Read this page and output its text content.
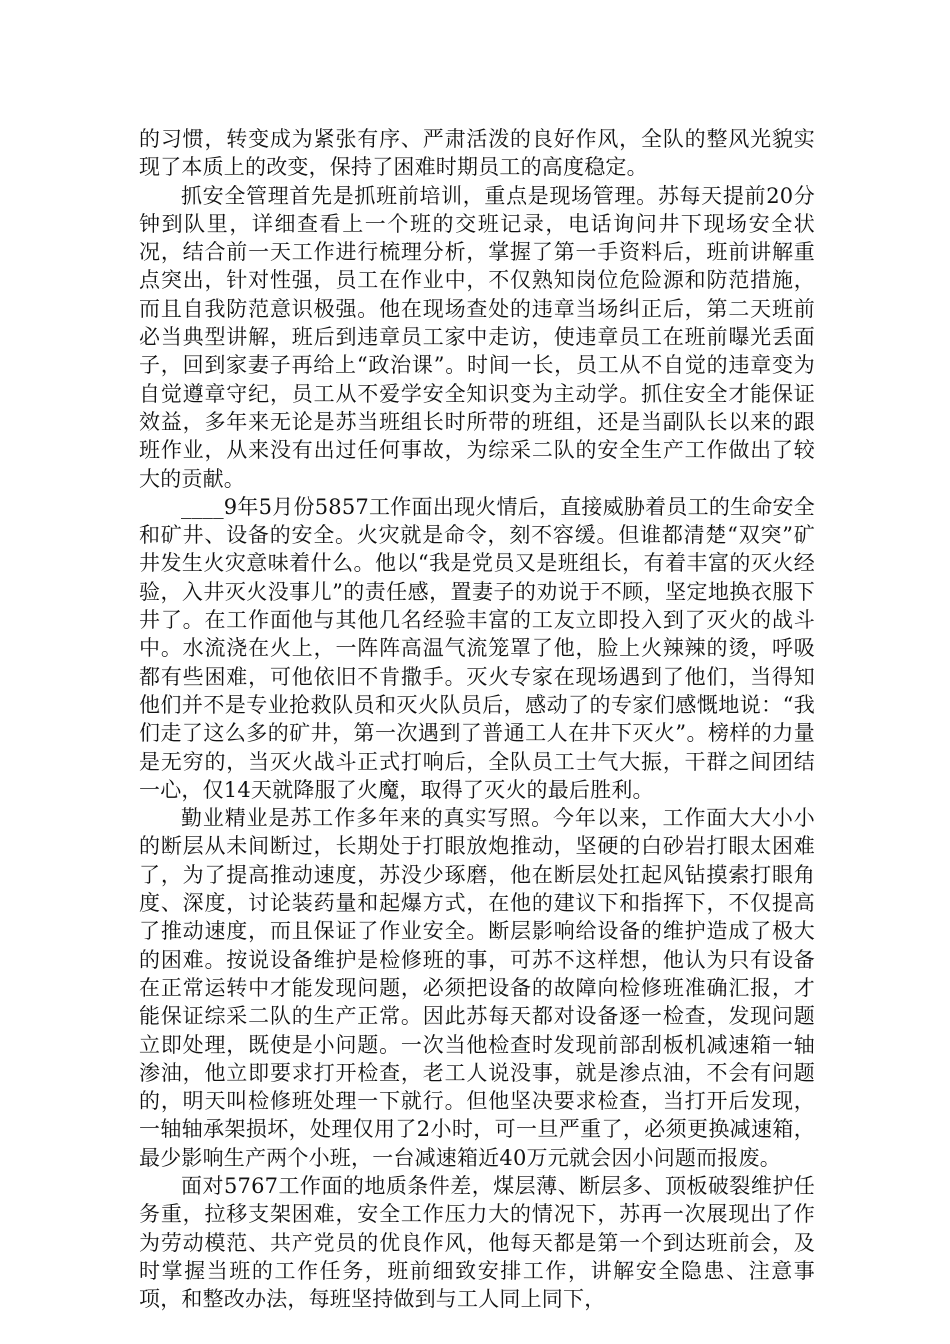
的习惯，转变成为紧张有序、严肃活泼的良好作风，全队的整风光貌实现了本质上的改变，保持了困难时期员工的高度稳定。

抓安全管理首先是抓班前培训，重点是现场管理。苏每天提前20分钟到队里，详细查看上一个班的交班记录，电话询问井下现场安全状况，结合前一天工作进行梳理分析，掌握了第一手资料后，班前讲解重点突出，针对性强，员工在作业中，不仅熟知岗位危险源和防范措施，而且自我防范意识极强。他在现场查处的违章当场纠正后，第二天班前必当典型讲解，班后到违章员工家中走访，使违章员工在班前曝光丢面子，回到家妻子再给上“政治课”。时间一长，员工从不自觉的违章变为自觉遵章守纪，员工从不爱学安全知识变为主动学。抓住安全才能保证效益，多年来无论是苏当班组长时所带的班组，还是当副队长以来的跟班作业，从来没有出过任何事故，为综采二队的安全生产工作做出了较大的贡献。

____9年5月份5857工作面出现火情后，直接威胁着员工的生命安全和矿井、设备的安全。火灾就是命令，刻不容缓。但谁都清楚“双突”矿井发生火灾意味着什么。他以“我是党员又是班组长，有着丰富的灭火经验，入井灭火没事儿”的责任感，置妻子的劝说于不顾，坚定地换衣服下井了。在工作面他与其他几名经验丰富的工友立即投入到了灭火的战斗中。水流浇在火上，一阵阵高温气流笼罩了他，脸上火辣辣的烫，呼吸都有些困难，可他依旧不肯撒手。灭火专家在现场遇到了他们，当得知他们并不是专业抢救队员和灭火队员后，感动了的专家们感慨地说：“我们走了这么多的矿井，第一次遇到了普通工人在井下灭火”。榜样的力量是无穷的，当灭火战斗正式打响后，全队员工士气大振，干群之间团结一心，仅14天就降服了火魔，取得了灭火的最后胜利。

勤业精业是苏工作多年来的真实写照。今年以来，工作面大大小小的断层从未间断过，长期处于打眼放炮推动，坚硬的白砂岩打眼太困难了，为了提高推动速度，苏没少琢磨，他在断层处扛起风钻摸索打眼角度、深度，讨论装药量和起爆方式，在他的建议下和指挥下，不仅提高了推动速度，而且保证了作业安全。断层影响给设备的维护造成了极大的困难。按说设备维护是检修班的事，可苏不这样想，他认为只有设备在正常运转中才能发现问题，必须把设备的故障向检修班准确汇报，才能保证综采二队的生产正常。因此苏每天都对设备逐一检查，发现问题立即处理，既使是小问题。一次当他检查时发现前部刮板机减速箱一轴渗油，他立即要求打开检查，老工人说没事，就是渗点油，不会有问题的，明天叫检修班处理一下就行。但他坚决要求检查，当打开后发现，一轴轴承架损坏，处理仅用了2小时，可一旦严重了，必须更换减速箱，最少影响生产两个小班，一台减速箱近40万元就会因小问题而报废。

面对5767工作面的地质条件差，煤层薄、断层多、顶板破裂维护任务重，拉移支架困难，安全工作压力大的情况下，苏再一次展现出了作为劳动模范、共产党员的优良作风，他每天都是第一个到达班前会，及时掌握当班的工作任务，班前细致安排工作，讲解安全隐患、注意事项，和整改办法，每班坚持做到与工人同上同下，
